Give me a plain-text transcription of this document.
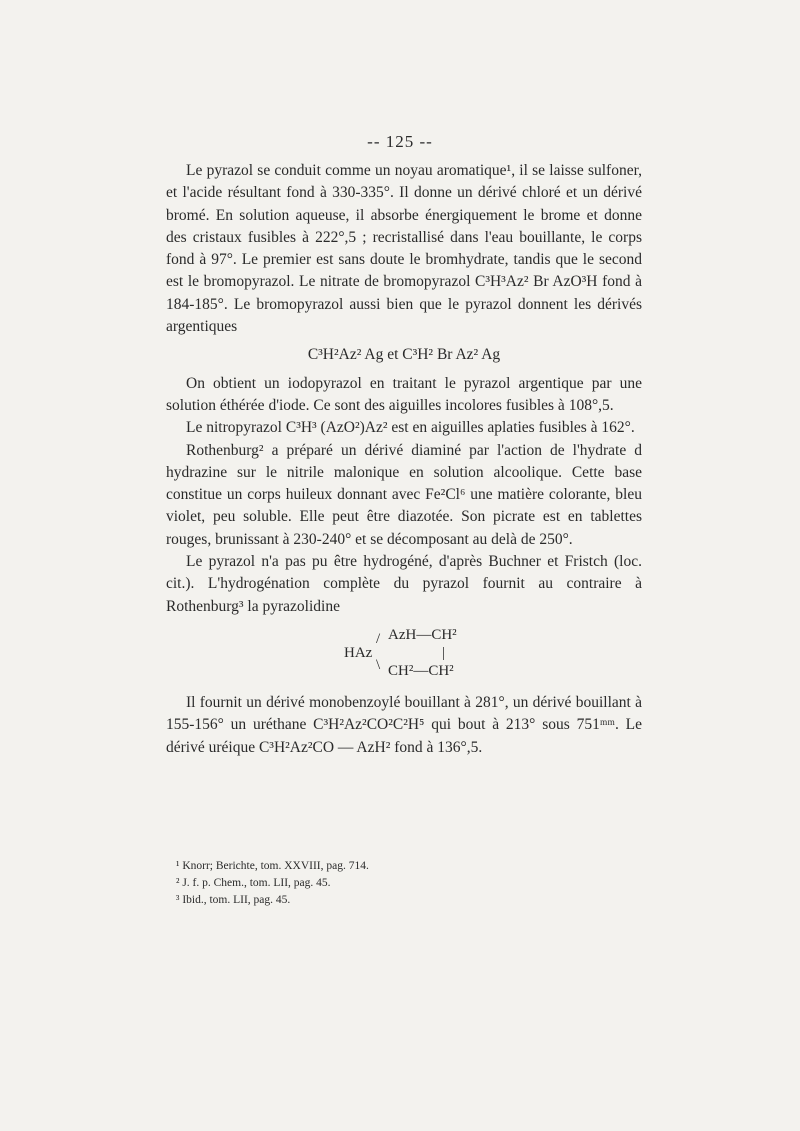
-- 125 --

Le pyrazol se conduit comme un noyau aromatique¹, il se laisse sulfoner, et l'acide résultant fond à 330-335°. Il donne un dérivé chloré et un dérivé bromé. En solution aqueuse, il absorbe énergiquement le brome et donne des cristaux fusibles à 222°,5 ; recristallisé dans l'eau bouillante, le corps fond à 97°. Le premier est sans doute le bromhydrate, tandis que le second est le bromopyrazol. Le nitrate de bromopyrazol C³H³Az² Br AzO³H fond à 184-185°. Le bromopyrazol aussi bien que le pyrazol donnent les dérivés argentiques

C³H²Az² Ag et C³H² Br Az² Ag

On obtient un iodopyrazol en traitant le pyrazol argentique par une solution éthérée d'iode. Ce sont des aiguilles incolores fusibles à 108°,5.

Le nitropyrazol C³H³ (AzO²)Az² est en aiguilles aplaties fusibles à 162°.

Rothenburg² a préparé un dérivé diaminé par l'action de l'hydrate d hydrazine sur le nitrile malonique en solution alcoolique. Cette base constitue un corps huileux donnant avec Fe²Cl⁶ une matière colorante, bleu violet, peu soluble. Elle peut être diazotée. Son picrate est en tablettes rouges, brunissant à 230-240° et se décomposant au delà de 250°.

Le pyrazol n'a pas pu être hydrogéné, d'après Buchner et Fristch (loc. cit.). L'hydrogénation complète du pyrazol fournit au contraire à Rothenburg³ la pyrazolidine

HAz
/
\
AzH—CH²
|
CH²—CH²

Il fournit un dérivé monobenzoylé bouillant à 281°, un dérivé bouillant à 155-156° un uréthane C³H²Az²CO²C²H⁵ qui bout à 213° sous 751ᵐᵐ. Le dérivé uréique C³H²Az²CO — AzH² fond à 136°,5.

¹ Knorr; Berichte, tom. XXVIII, pag. 714.

² J. f. p. Chem., tom. LII, pag. 45.

³ Ibid., tom. LII, pag. 45.
